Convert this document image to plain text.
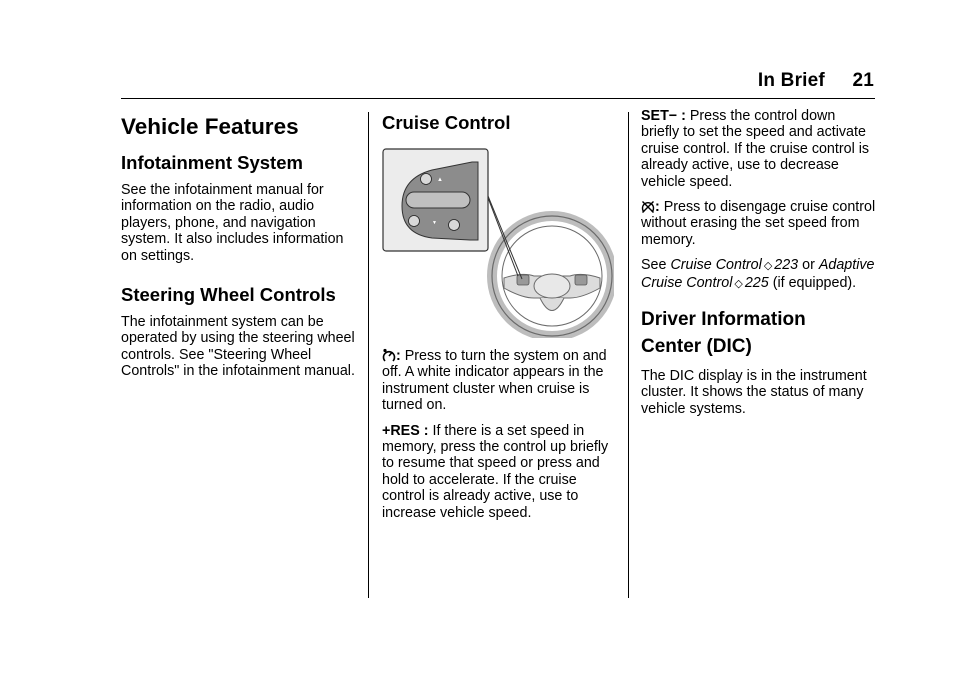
In Brief 21
Vehicle Features
Infotainment System

See the infotainment manual for information on the radio, audio players, phone, and navigation system. It also includes information on settings.

Steering Wheel Controls

The infotainment system can be operated by using the steering wheel controls. See "Steering Wheel Controls" in the infotainment manual.

Cruise Control
▲
▼

: Press to turn the system on and off. A white indicator appears in the instrument cluster when cruise is turned on.

+RES : If there is a set speed in memory, press the control up briefly to resume that speed or press and hold to accelerate. If the cruise control is already active, use to increase vehicle speed.

SET− : Press the control down briefly to set the speed and activate cruise control. If the cruise control is already active, use to decrease vehicle speed.

: Press to disengage cruise control without erasing the set speed from memory.

See Cruise Control ◇ 223 or Adaptive Cruise Control ◇ 225 (if equipped).

Driver Information
Center (DIC)

The DIC display is in the instrument cluster. It shows the status of many vehicle systems.
